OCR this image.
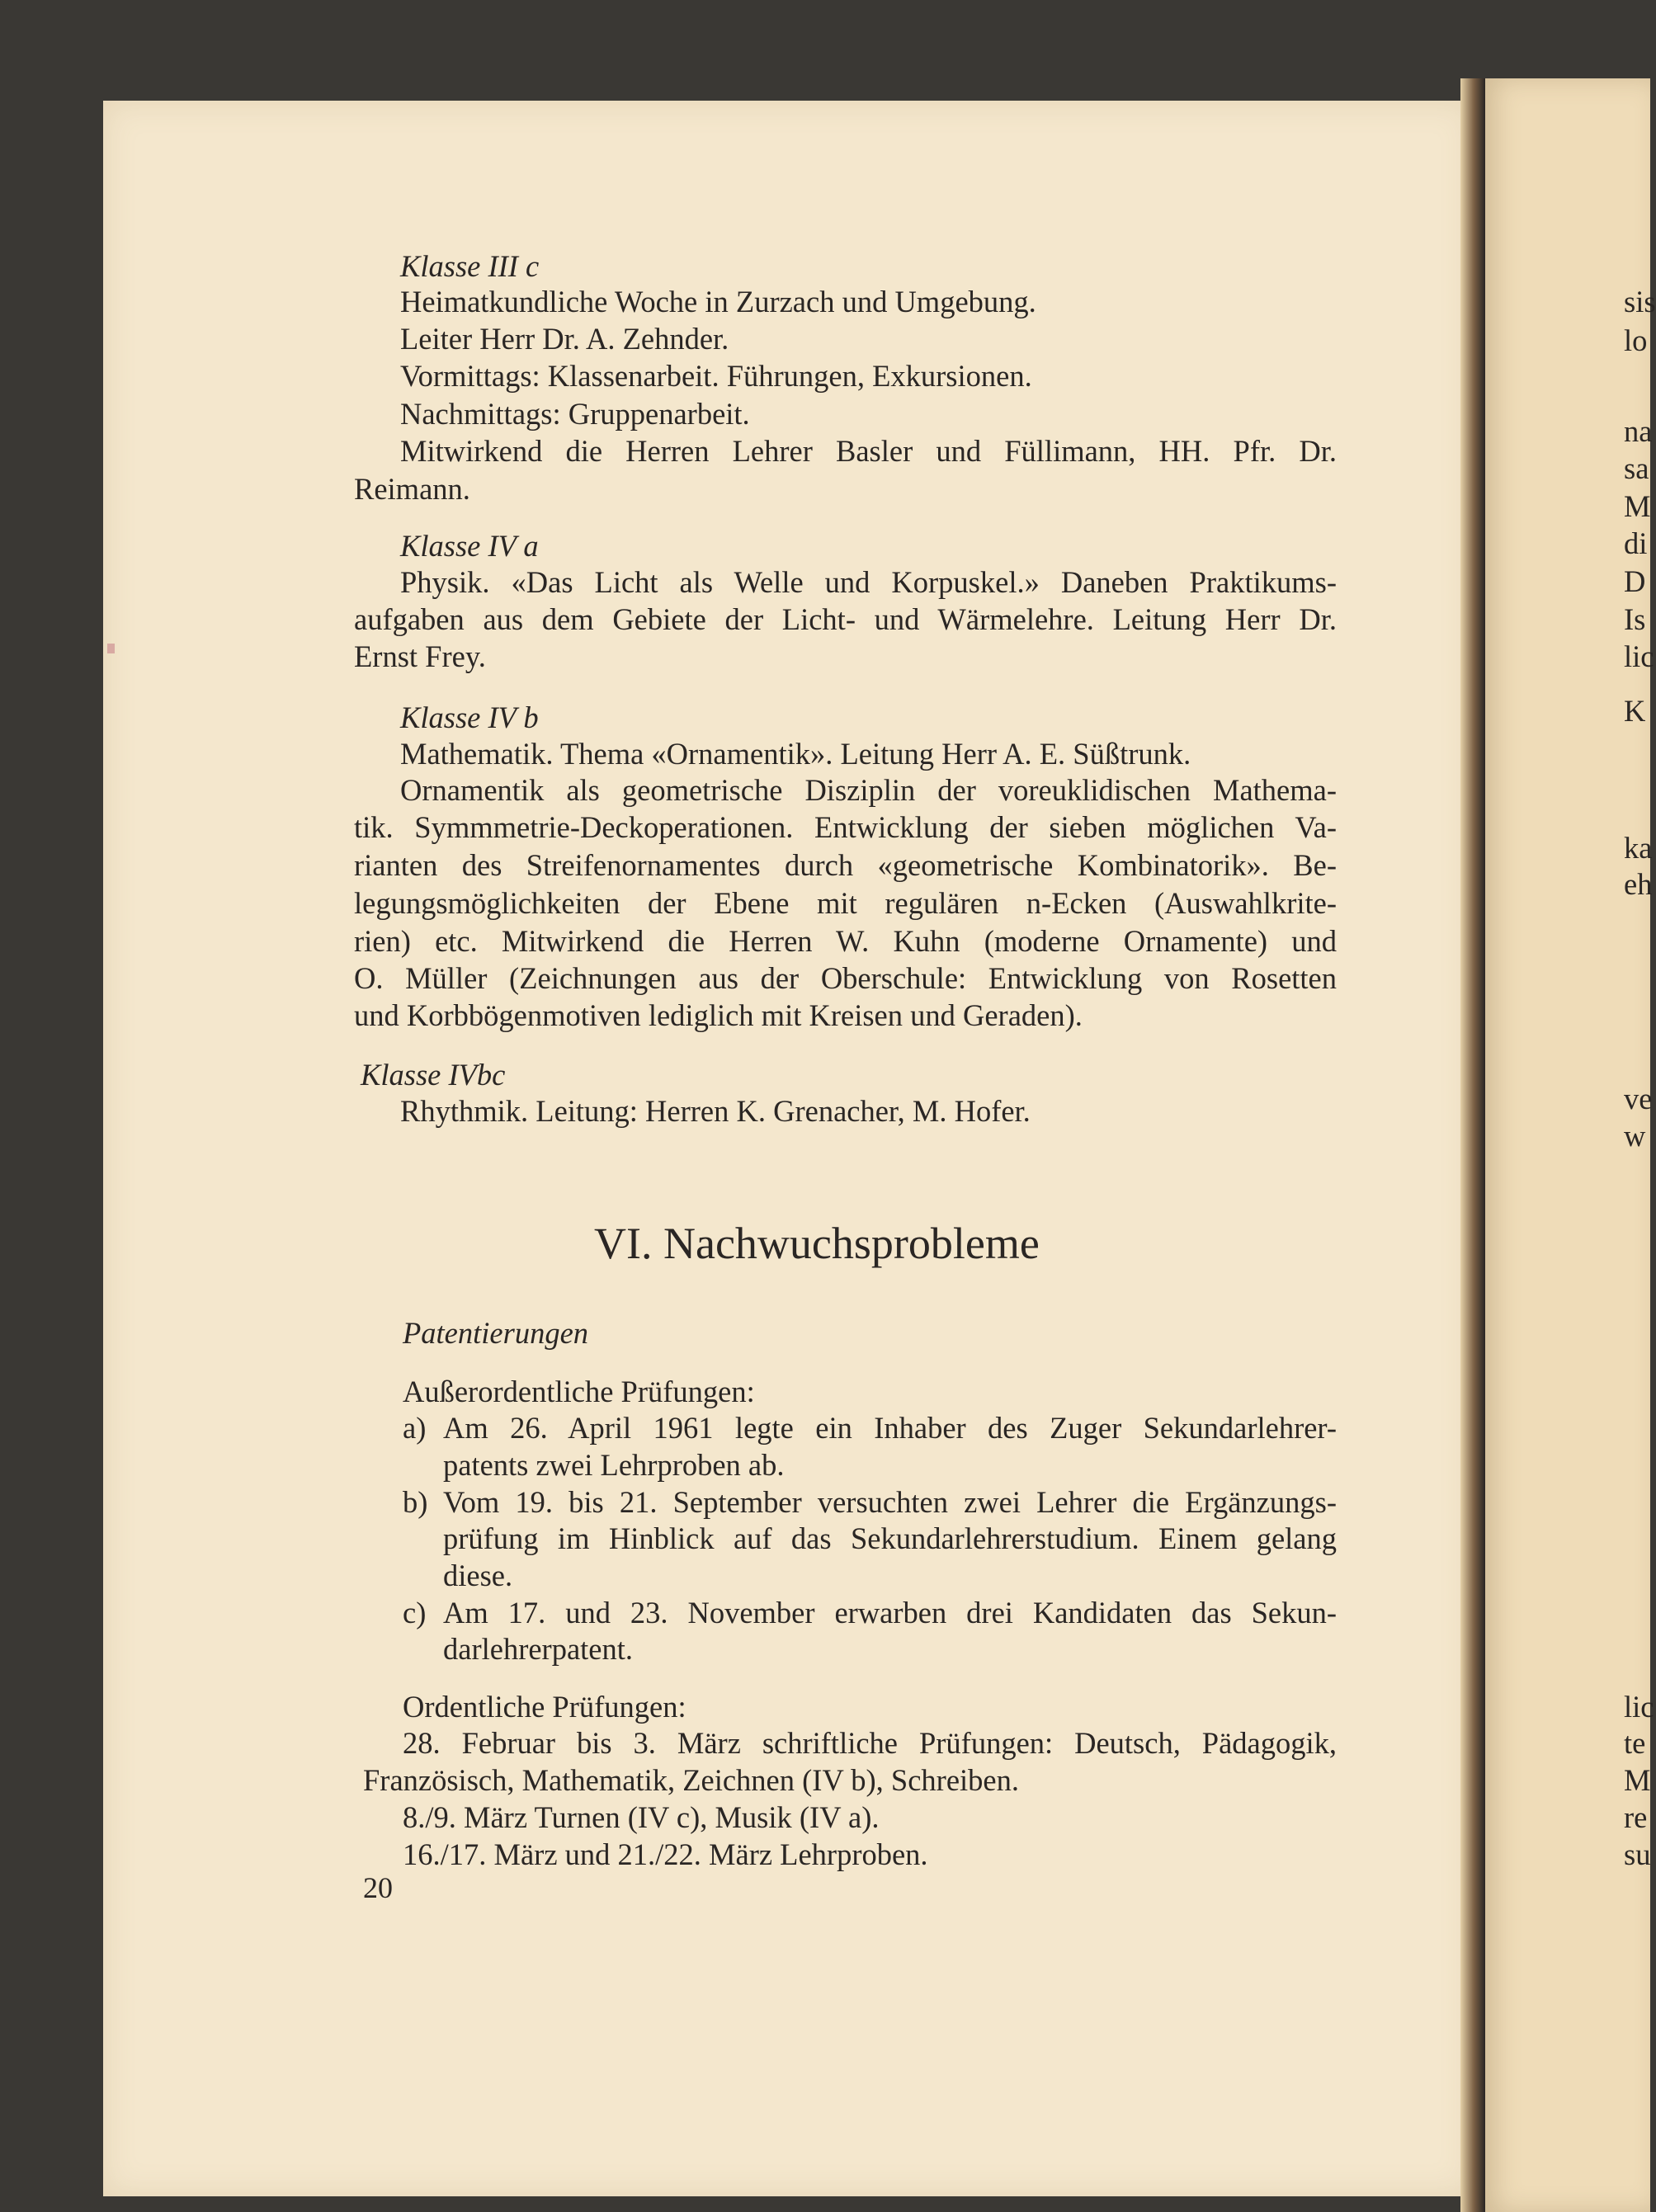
Klasse III c
Heimatkundliche Woche in Zurzach und Umgebung.
Leiter Herr Dr. A. Zehnder.
Vormittags: Klassenarbeit. Führungen, Exkursionen.
Nachmittags: Gruppenarbeit.
Mitwirkend die Herren Lehrer Basler und Füllimann, HH. Pfr. Dr.
Reimann.
Klasse IV a
Physik. «Das Licht als Welle und Korpuskel.» Daneben Praktikums-
aufgaben aus dem Gebiete der Licht- und Wärmelehre. Leitung Herr Dr.
Ernst Frey.
Klasse IV b
Mathematik. Thema «Ornamentik». Leitung Herr A. E. Süßtrunk.
Ornamentik als geometrische Disziplin der voreuklidischen Mathema-
tik. Symmmetrie-Deckoperationen. Entwicklung der sieben möglichen Va-
rianten des Streifenornamentes durch «geometrische Kombinatorik». Be-
legungsmöglichkeiten der Ebene mit regulären n-Ecken (Auswahlkrite-
rien) etc. Mitwirkend die Herren W. Kuhn (moderne Ornamente) und
O. Müller (Zeichnungen aus der Oberschule: Entwicklung von Rosetten
und Korbbögenmotiven lediglich mit Kreisen und Geraden).
Klasse IVbc
Rhythmik. Leitung: Herren K. Grenacher, M. Hofer.
VI. Nachwuchsprobleme
Patentierungen
Außerordentliche Prüfungen:
a) Am 26. April 1961 legte ein Inhaber des Zuger Sekundarlehrer-
patents zwei Lehrproben ab.
b) Vom 19. bis 21. September versuchten zwei Lehrer die Ergänzungs-
prüfung im Hinblick auf das Sekundarlehrerstudium. Einem gelang
diese.
c) Am 17. und 23. November erwarben drei Kandidaten das Sekun-
darlehrerpatent.
Ordentliche Prüfungen:
28. Februar bis 3. März schriftliche Prüfungen: Deutsch, Pädagogik,
Französisch, Mathematik, Zeichnen (IV b), Schreiben.
8./9. März Turnen (IV c), Musik (IV a).
16./17. März und 21./22. März Lehrproben.
20
sis
lo
na
sa
M
di
D
Is
lic
K
ka
eh
ve
w
lic
te
M
re
su
